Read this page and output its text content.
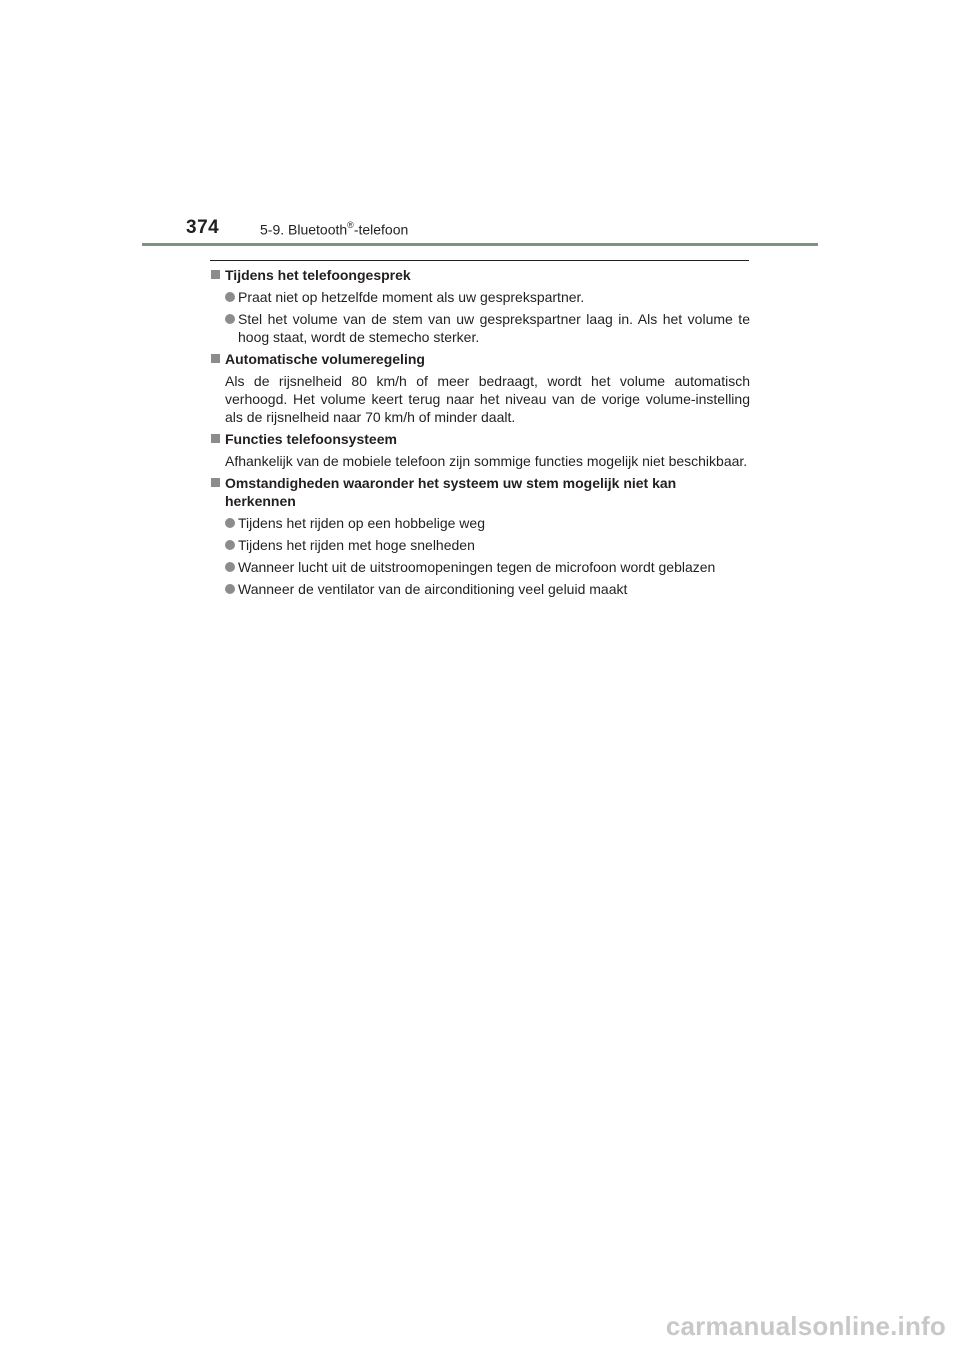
374	5-9. Bluetooth®-telefoon
Tijdens het telefoongesprek
Praat niet op hetzelfde moment als uw gesprekspartner.
Stel het volume van de stem van uw gesprekspartner laag in. Als het volume te hoog staat, wordt de stemecho sterker.
Automatische volumeregeling
Als de rijsnelheid 80 km/h of meer bedraagt, wordt het volume automatisch verhoogd. Het volume keert terug naar het niveau van de vorige volume-instelling als de rijsnelheid naar 70 km/h of minder daalt.
Functies telefoonsysteem
Afhankelijk van de mobiele telefoon zijn sommige functies mogelijk niet beschikbaar.
Omstandigheden waaronder het systeem uw stem mogelijk niet kan herkennen
Tijdens het rijden op een hobbelige weg
Tijdens het rijden met hoge snelheden
Wanneer lucht uit de uitstroomopeningen tegen de microfoon wordt geblazen
Wanneer de ventilator van de airconditioning veel geluid maakt
carmanualsonline.info
